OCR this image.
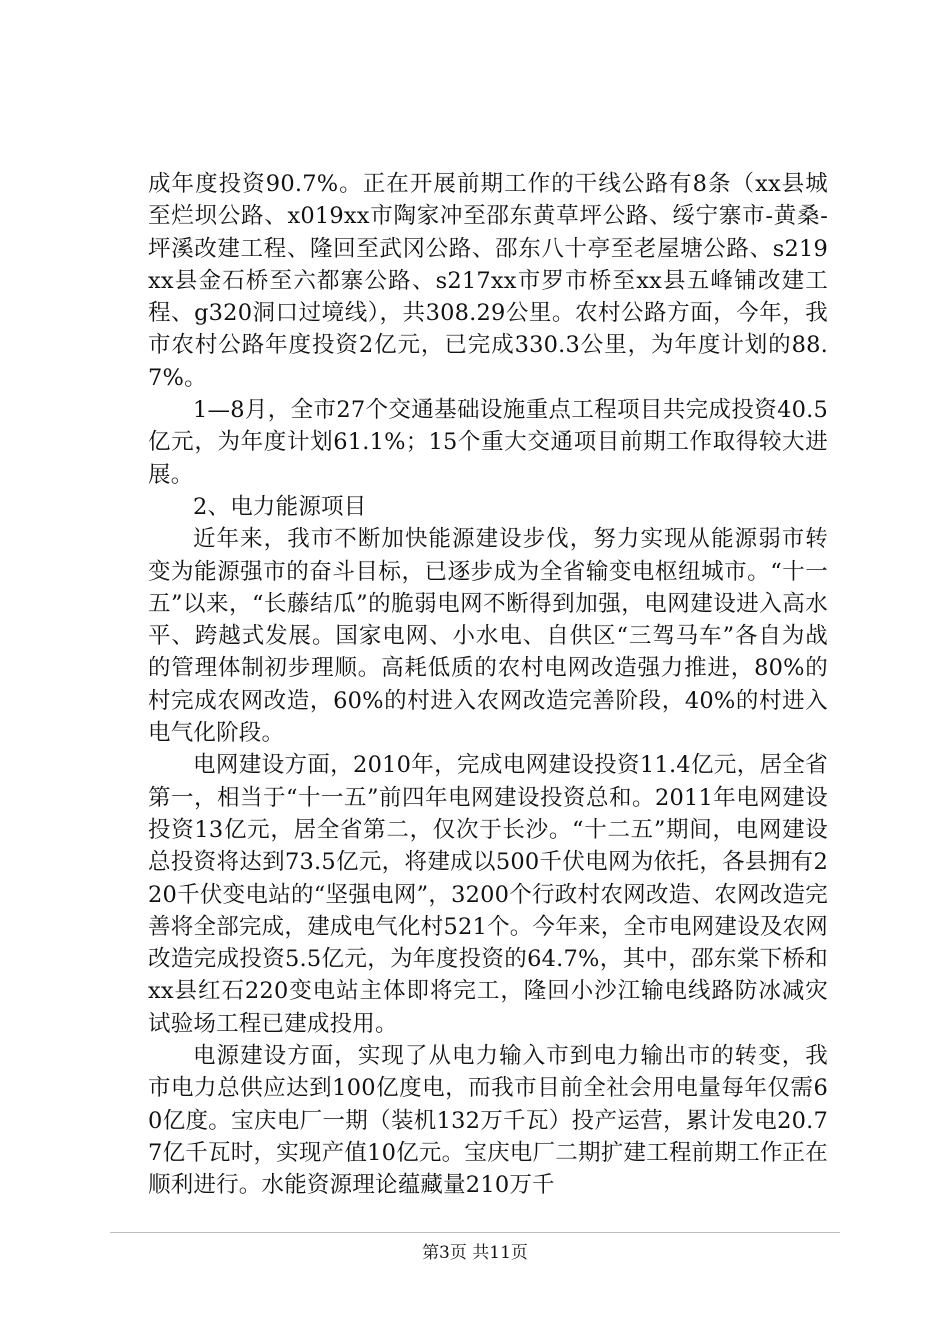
成年度投资90.7%。正在开展前期工作的干线公路有8条（xx县城至烂坝公路、x019xx市陶家冲至邵东黄草坪公路、绥宁寨市-黄桑-坪溪改建工程、隆回至武冈公路、邵东八十亭至老屋塘公路、s219xx县金石桥至六都寨公路、s217xx市罗市桥至xx县五峰铺改建工程、g320洞口过境线），共308.29公里。农村公路方面，今年，我市农村公路年度投资2亿元，已完成330.3公里，为年度计划的88.7%。

1—8月，全市27个交通基础设施重点工程项目共完成投资40.5亿元，为年度计划61.1%；15个重大交通项目前期工作取得较大进展。

2、电力能源项目

近年来，我市不断加快能源建设步伐，努力实现从能源弱市转变为能源强市的奋斗目标，已逐步成为全省输变电枢纽城市。“十一五”以来，“长藤结瓜”的脆弱电网不断得到加强，电网建设进入高水平、跨越式发展。国家电网、小水电、自供区“三驾马车”各自为战的管理体制初步理顺。高耗低质的农村电网改造强力推进，80%的村完成农网改造，60%的村进入农网改造完善阶段，40%的村进入电气化阶段。

电网建设方面，2010年，完成电网建设投资11.4亿元，居全省第一，相当于“十一五”前四年电网建设投资总和。2011年电网建设投资13亿元，居全省第二，仅次于长沙。“十二五”期间，电网建设总投资将达到73.5亿元，将建成以500千伏电网为依托，各县拥有220千伏变电站的“坚强电网”，3200个行政村农网改造、农网改造完善将全部完成，建成电气化村521个。今年来，全市电网建设及农网改造完成投资5.5亿元，为年度投资的64.7%，其中，邵东棠下桥和xx县红石220变电站主体即将完工，隆回小沙江输电线路防冰减灾试验场工程已建成投用。

电源建设方面，实现了从电力输入市到电力输出市的转变，我市电力总供应达到100亿度电，而我市目前全社会用电量每年仅需60亿度。宝庆电厂一期（装机132万千瓦）投产运营，累计发电20.77亿千瓦时，实现产值10亿元。宝庆电厂二期扩建工程前期工作正在顺利进行。水能资源理论蕴藏量210万千

第3页 共11页
